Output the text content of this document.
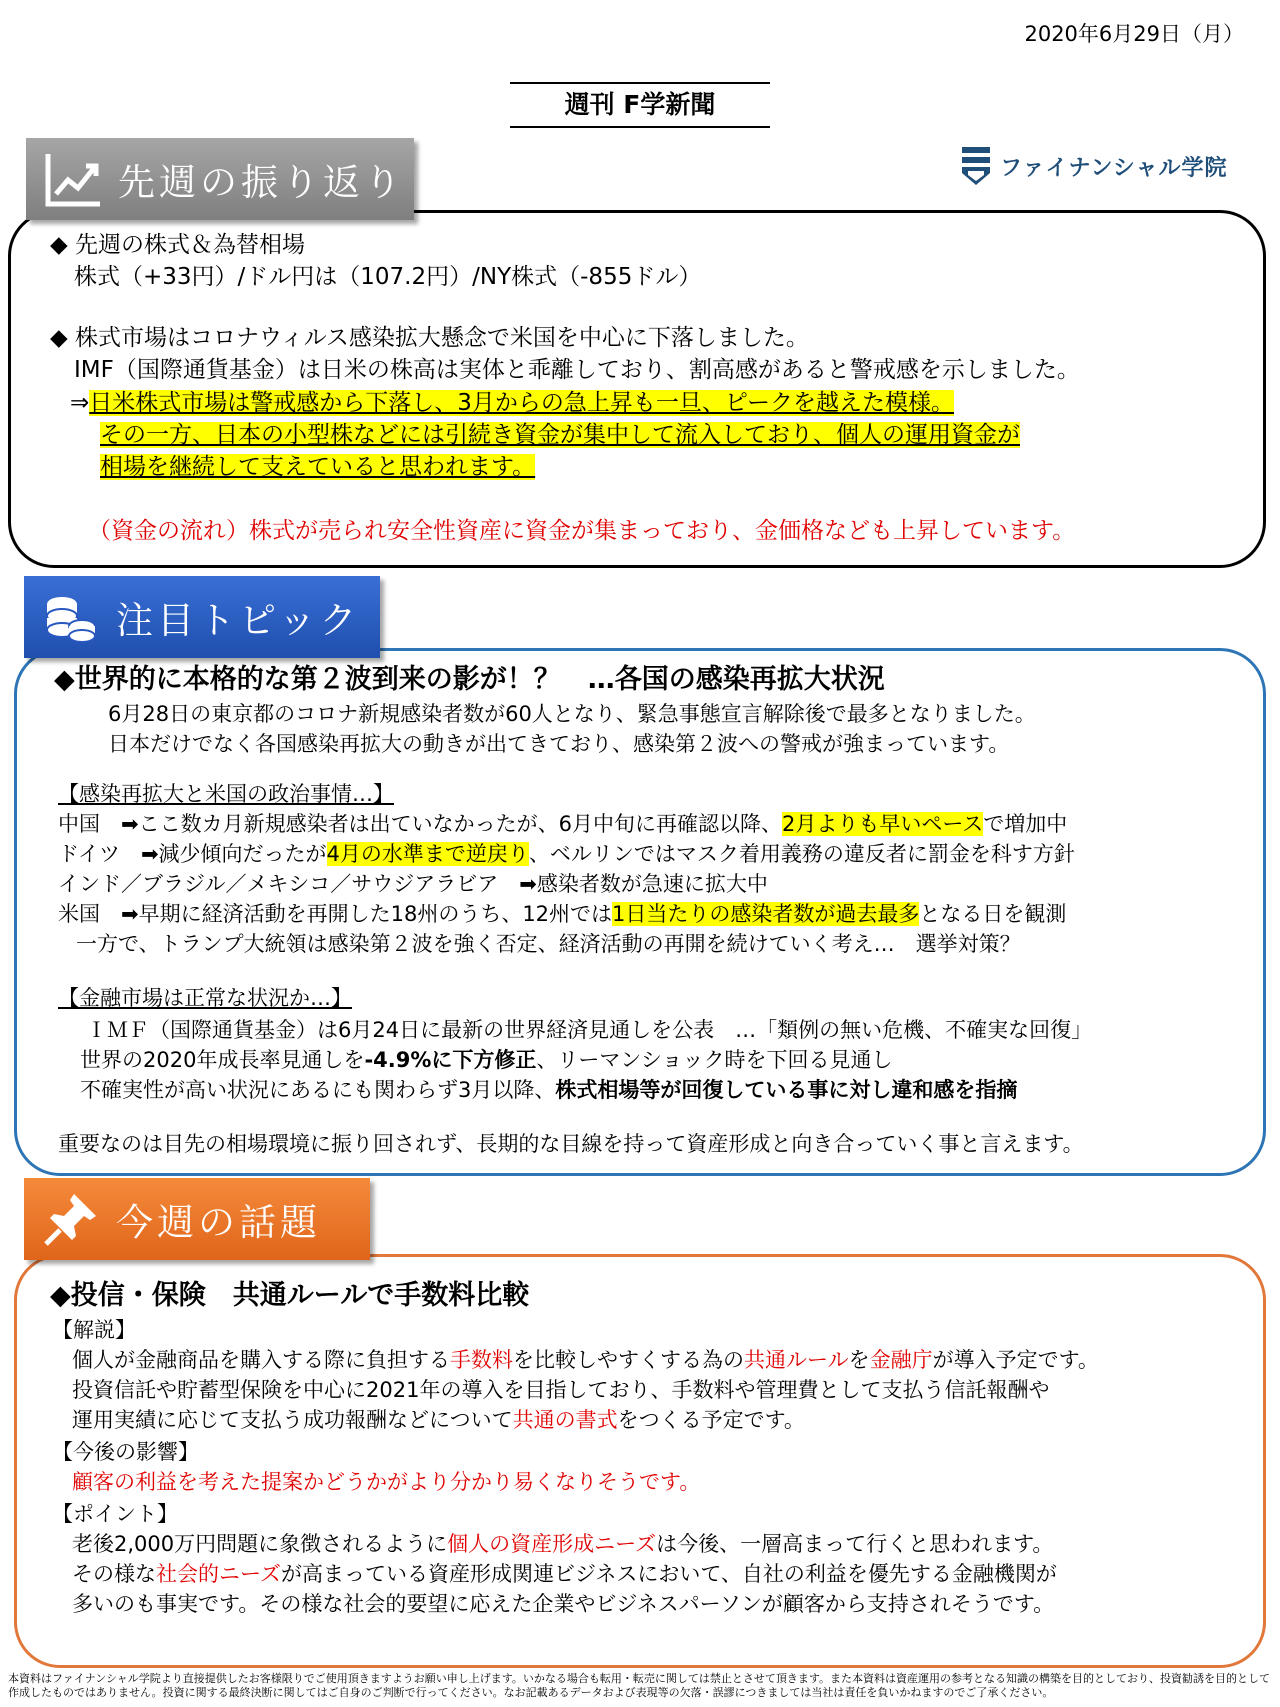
2020年6月29日（月）
週刊 F学新聞
ファイナンシャル学院
先週の振り返り
◆ 先週の株式＆為替相場
株式（+33円）/ドル円は（107.2円）/NY株式（-855ドル）
◆ 株式市場はコロナウィルス感染拡大懸念で米国を中心に下落しました。
IMF（国際通貨基金）は日米の株高は実体と乖離しており、割高感があると警戒感を示しました。
⇒日米株式市場は警戒感から下落し、3月からの急上昇も一旦、ピークを越えた模様。
その一方、日本の小型株などには引続き資金が集中して流入しており、個人の運用資金が
相場を継続して支えていると思われます。
（資金の流れ）株式が売られ安全性資産に資金が集まっており、金価格なども上昇しています。
注目トピック
◆世界的に本格的な第２波到来の影が！？　…各国の感染再拡大状況
6月28日の東京都のコロナ新規感染者数が60人となり、緊急事態宣言解除後で最多となりました。
日本だけでなく各国感染再拡大の動きが出てきており、感染第２波への警戒が強まっています。
【感染再拡大と米国の政治事情…】
中国　➡ここ数カ月新規感染者は出ていなかったが、6月中旬に再確認以降、2月よりも早いペースで増加中
ドイツ　➡減少傾向だったが4月の水準まで逆戻り、ベルリンではマスク着用義務の違反者に罰金を科す方針
インド／ブラジル／メキシコ／サウジアラビア　➡感染者数が急速に拡大中
米国　➡早期に経済活動を再開した18州のうち、12州では1日当たりの感染者数が過去最多となる日を観測
一方で、トランプ大統領は感染第２波を強く否定、経済活動の再開を続けていく考え…　選挙対策？
【金融市場は正常な状況か…】
ＩＭＦ（国際通貨基金）は6月24日に最新の世界経済見通しを公表　…「類例の無い危機、不確実な回復」
世界の2020年成長率見通しを-4.9%に下方修正、リーマンショック時を下回る見通し
不確実性が高い状況にあるにも関わらず3月以降、株式相場等が回復している事に対し違和感を指摘
重要なのは目先の相場環境に振り回されず、長期的な目線を持って資産形成と向き合っていく事と言えます。
今週の話題
◆投信・保険　共通ルールで手数料比較
【解説】
個人が金融商品を購入する際に負担する手数料を比較しやすくする為の共通ルールを金融庁が導入予定です。
投資信託や貯蓄型保険を中心に2021年の導入を目指しており、手数料や管理費として支払う信託報酬や
運用実績に応じて支払う成功報酬などについて共通の書式をつくる予定です。
【今後の影響】
顧客の利益を考えた提案かどうかがより分かり易くなりそうです。
【ポイント】
老後2,000万円問題に象徴されるように個人の資産形成ニーズは今後、一層高まって行くと思われます。
その様な社会的ニーズが高まっている資産形成関連ビジネスにおいて、自社の利益を優先する金融機関が
多いのも事実です。その様な社会的要望に応えた企業やビジネスパーソンが顧客から支持されそうです。
本資料はファイナンシャル学院より直接提供したお客様限りでご使用頂きますようお願い申し上げます。いかなる場合も転用・転売に関しては禁止とさせて頂きます。また本資料は資産運用の参考となる知識の構築を目的としており、投資勧誘を目的として作成したものではありません。投資に関する最終決断に関してはご自身のご判断で行ってください。なお記載あるデータおよび表現等の欠落・誤謬につきましては当社は責任を負いかねますのでご了承ください。
